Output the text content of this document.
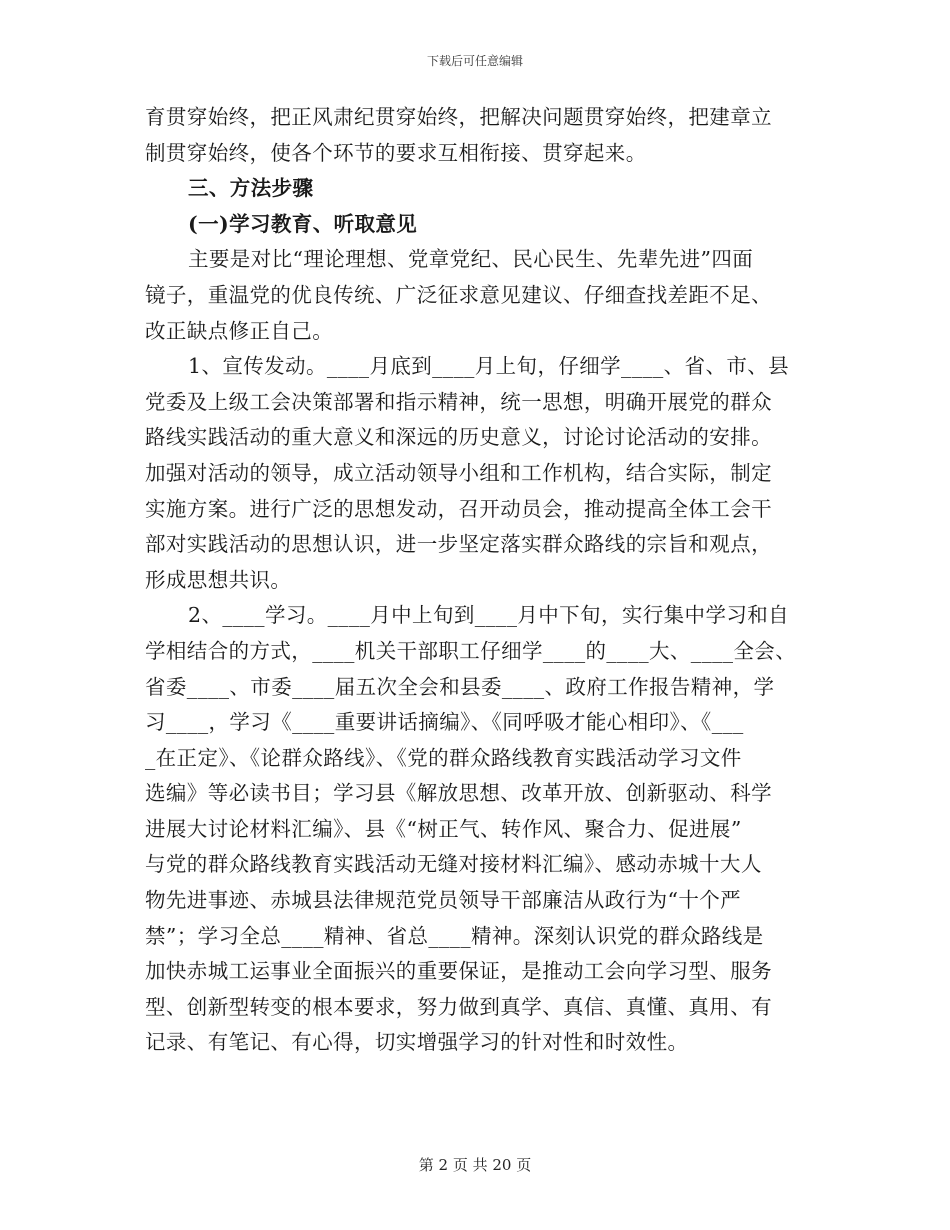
下载后可任意编辑
育贯穿始终，把正风肃纪贯穿始终，把解决问题贯穿始终，把建章立
制贯穿始终，使各个环节的要求互相衔接、贯穿起来。
三、方法步骤
(一)学习教育、听取意见
主要是对比“理论理想、党章党纪、民心民生、先辈先进”四面
镜子，重温党的优良传统、广泛征求意见建议、仔细查找差距不足、
改正缺点修正自己。
1、宣传发动。____月底到____月上旬，仔细学____、省、市、县
党委及上级工会决策部署和指示精神，统一思想，明确开展党的群众
路线实践活动的重大意义和深远的历史意义，讨论讨论活动的安排。
加强对活动的领导，成立活动领导小组和工作机构，结合实际，制定
实施方案。进行广泛的思想发动，召开动员会，推动提高全体工会干
部对实践活动的思想认识，进一步坚定落实群众路线的宗旨和观点，
形成思想共识。
2、____学习。____月中上旬到____月中下旬，实行集中学习和自
学相结合的方式，____机关干部职工仔细学____的____大、____全会、
省委____、市委____届五次全会和县委____、政府工作报告精神，学
习____，学习《____重要讲话摘编》、《同呼吸才能心相印》、《___
_在正定》、《论群众路线》、《党的群众路线教育实践活动学习文件
选编》等必读书目；学习县《解放思想、改革开放、创新驱动、科学
进展大讨论材料汇编》、县《“树正气、转作风、聚合力、促进展”
与党的群众路线教育实践活动无缝对接材料汇编》、感动赤城十大人
物先进事迹、赤城县法律规范党员领导干部廉洁从政行为“十个严
禁”；学习全总____精神、省总____精神。深刻认识党的群众路线是
加快赤城工运事业全面振兴的重要保证，是推动工会向学习型、服务
型、创新型转变的根本要求，努力做到真学、真信、真懂、真用、有
记录、有笔记、有心得，切实增强学习的针对性和时效性。
第 2 页 共 20 页
